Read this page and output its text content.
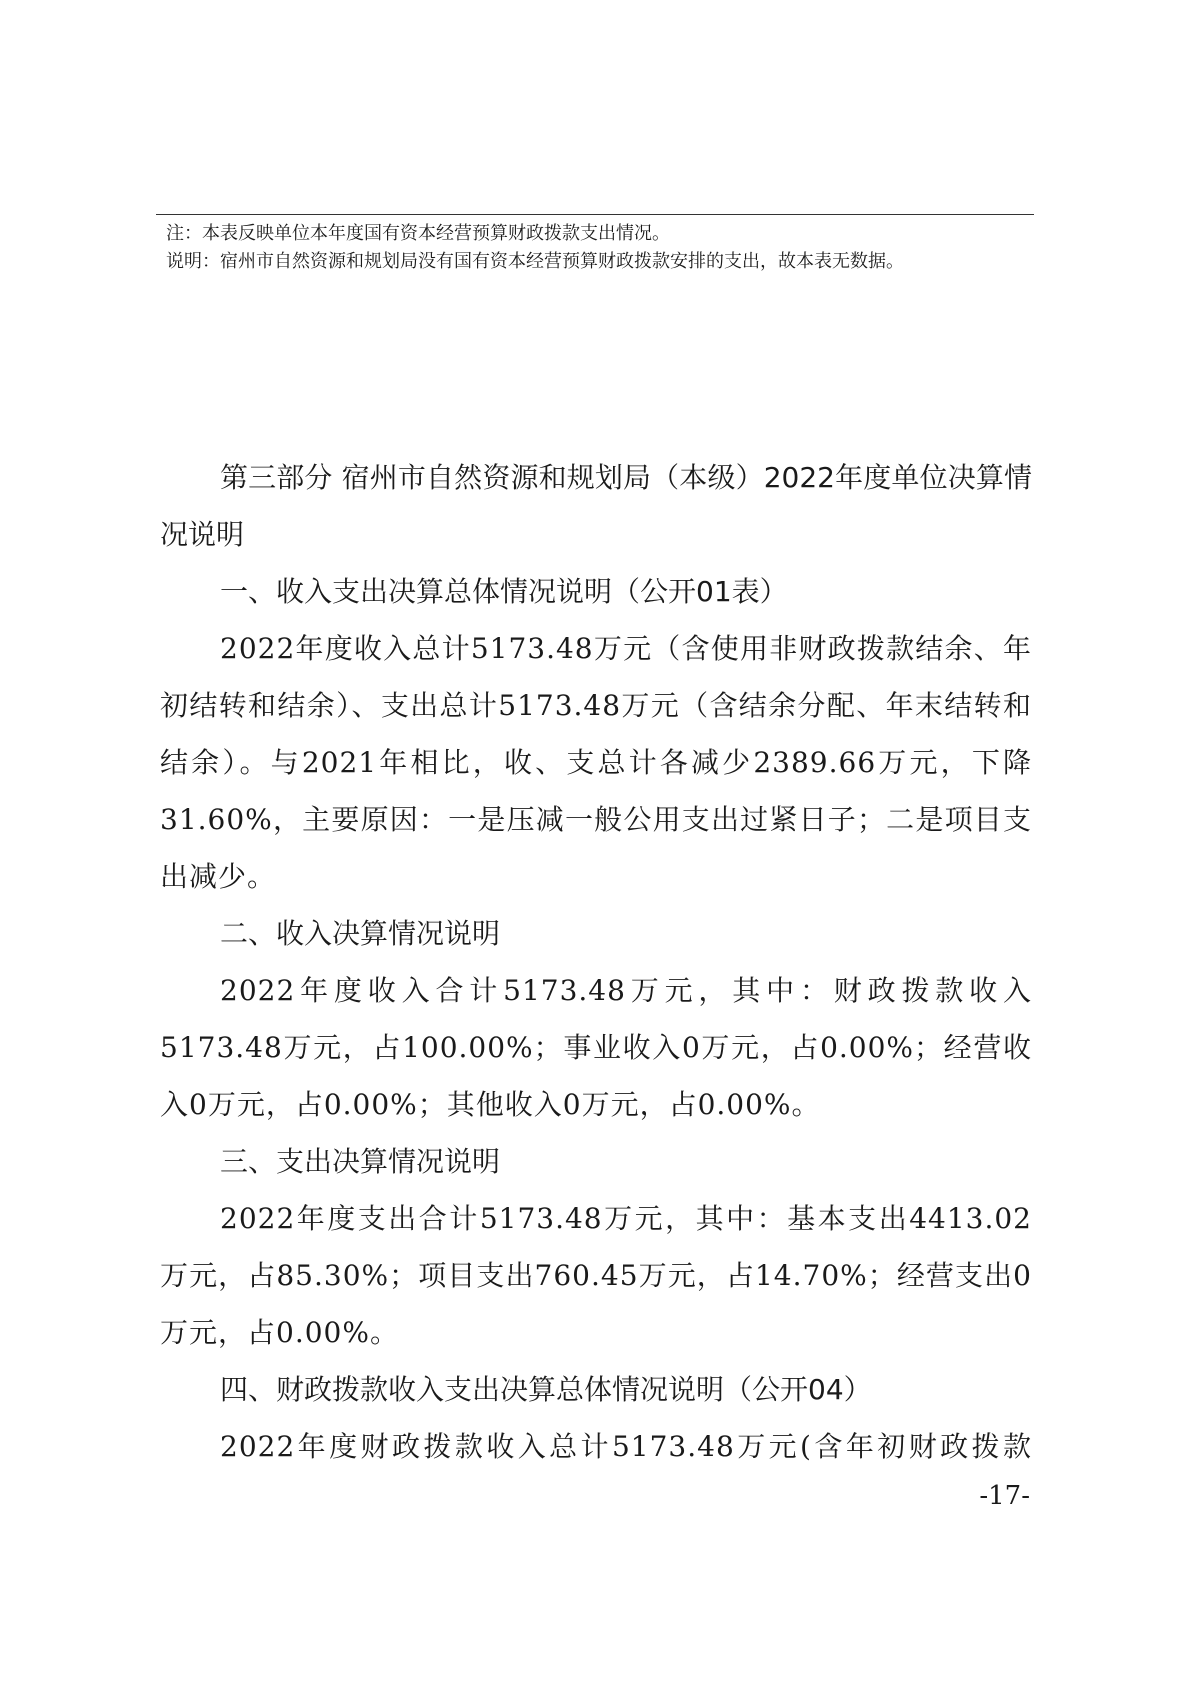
注：本表反映单位本年度国有资本经营预算财政拨款支出情况。
说明：宿州市自然资源和规划局没有国有资本经营预算财政拨款安排的支出，故本表无数据。
第三部分 宿州市自然资源和规划局（本级）2022年度单位决算情况说明
一、收入支出决算总体情况说明（公开01表）

2022年度收入总计5173.48万元（含使用非财政拨款结余、年初结转和结余）、支出总计5173.48万元（含结余分配、年末结转和结余）。与2021年相比，收、支总计各减少2389.66万元，下降31.60%，主要原因：一是压减一般公用支出过紧日子；二是项目支出减少。

二、收入决算情况说明

2022年度收入合计5173.48万元，其中：财政拨款收入5173.48万元，占100.00%；事业收入0万元，占0.00%；经营收入0万元，占0.00%；其他收入0万元，占0.00%。

三、支出决算情况说明

2022年度支出合计5173.48万元，其中：基本支出4413.02万元，占85.30%；项目支出760.45万元，占14.70%；经营支出0万元，占0.00%。

四、财政拨款收入支出决算总体情况说明（公开04）

2022年度财政拨款收入总计5173.48万元(含年初财政拨款

-17-
